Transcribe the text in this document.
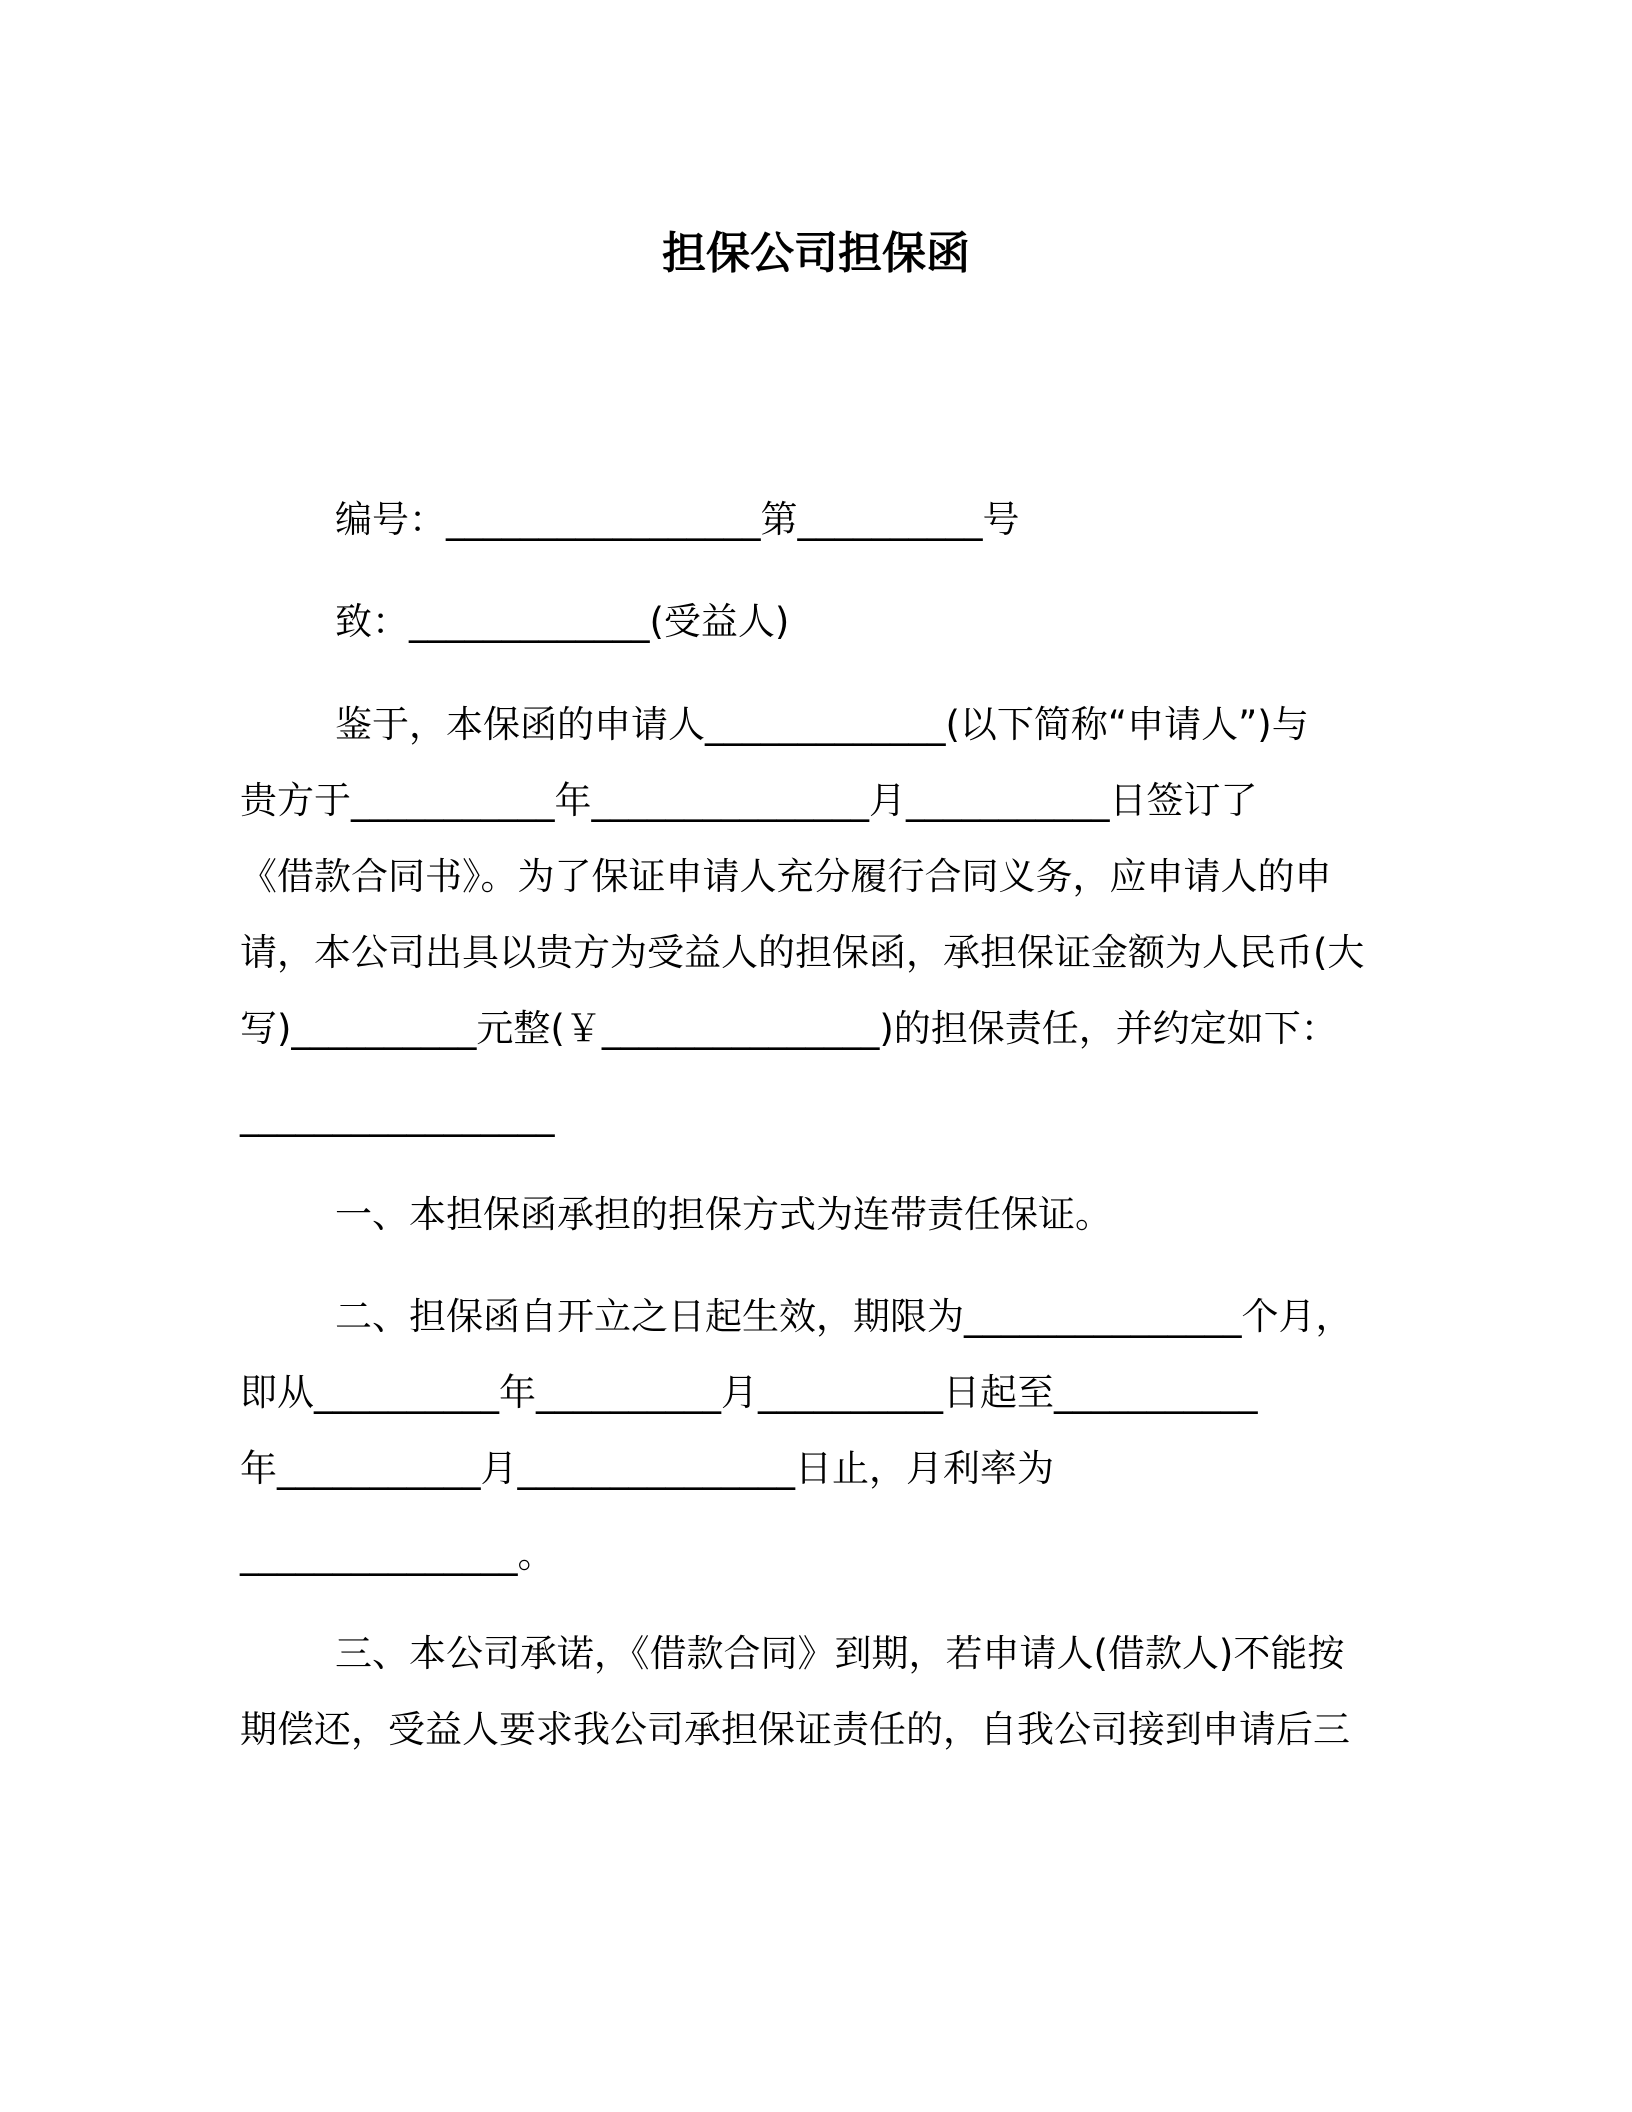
担保公司担保函
编号：_________________第__________号
致：_____________(受益人)
鉴于，本保函的申请人_____________(以下简称“申请人”)与
贵方于___________年_______________月___________日签订了
《借款合同书》。为了保证申请人充分履行合同义务，应申请人的申
请，本公司出具以贵方为受益人的担保函，承担保证金额为人民币(大
写)__________元整(￥_______________)的担保责任，并约定如下：
_________________
一、本担保函承担的担保方式为连带责任保证。
二、担保函自开立之日起生效，期限为_______________个月，
即从__________年__________月__________日起至___________
年___________月_______________日止，月利率为
_______________。
三、本公司承诺，《借款合同》到期，若申请人(借款人)不能按
期偿还，受益人要求我公司承担保证责任的，自我公司接到申请后三
